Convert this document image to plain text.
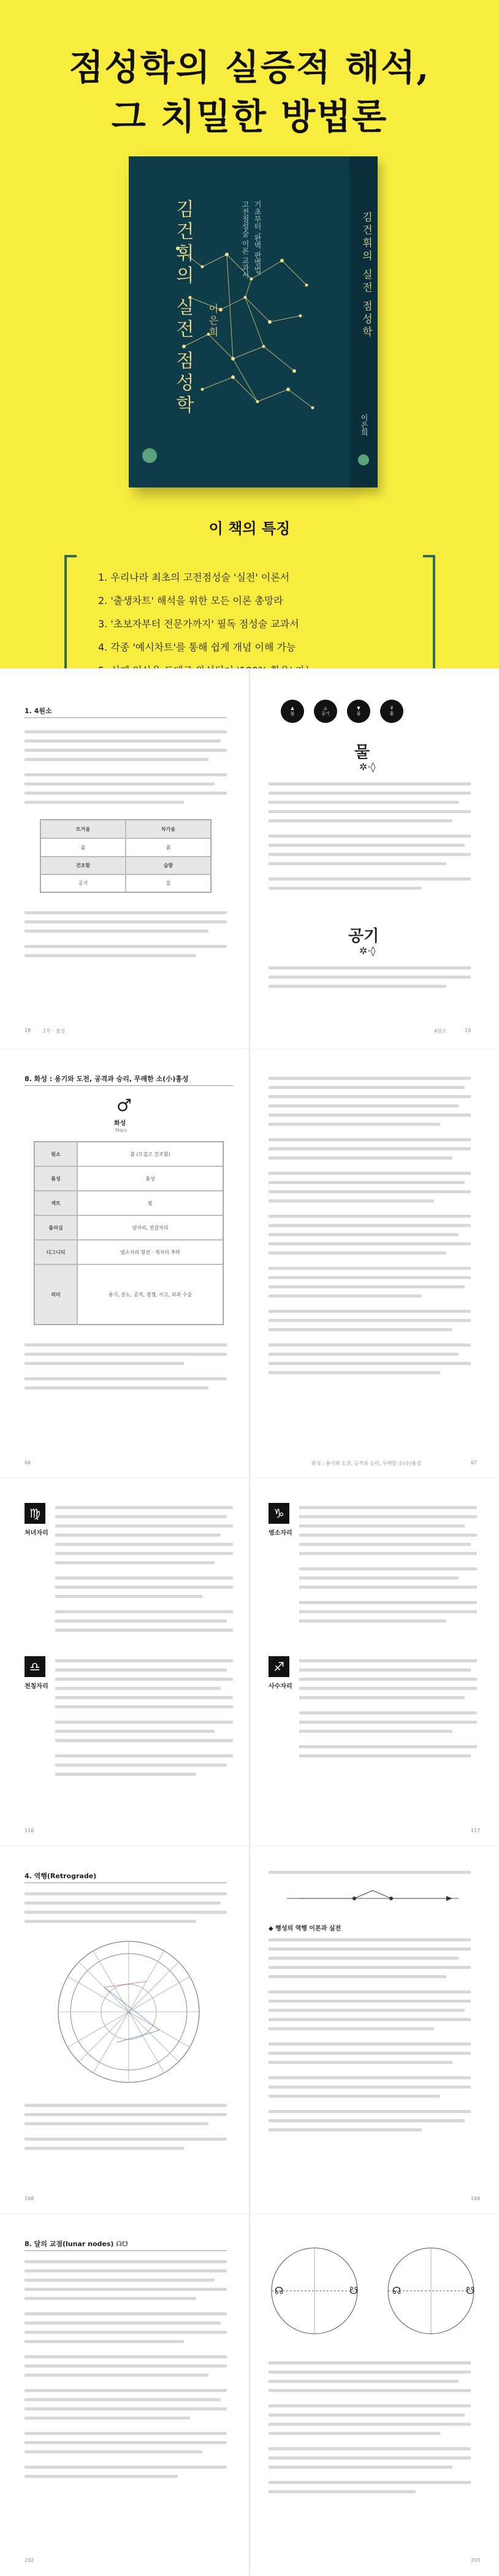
점성학의 실증적 해석,
그 치밀한 방법론
김건휘의 실전 점성학	기초부터 '완벽 판별법'
고전점성술 이론 교과서
이은희	김건휘의 실전 점성학
이은희
이 책의 특징
1. 우리나라 최초의 고전점성술 '실전' 이론서
2. '출생차트' 해석을 위한 모든 이론 총망라
3. '초보자부터 전문가까지' 필독 점성술 교과서
4. 각종 '예시차트'를 통해 쉽게 개념 이해 가능
1. 4원소
뜨거움	차가움
불	흙
건조함	습함
공기	물
18 1부 · 점성
▲
불
◬
공기
▼
물
⊽
흙
물
✲·◊
공기
✲·◊
19
4원소
8. 화성 : 용기와 도전, 공격과 승리, 무례한 소(小)흉성
♂
화성
Mars
원소	불 (뜨겁고 건조함)
품성	흉성
섹트	밤
룰러십	양자리, 전갈자리
디그니티	염소자리 항진 · 게자리 추락
의미	용기, 분노, 공격, 경쟁, 사고, 외과 수술
66	화성 : 용기와 도전, 공격과 승리, 무례한 소(小)흉성	67
♍
처녀자리
♎
천칭자리
116
♑
염소자리
♐
사수자리
117
4. 역행(Retrograde)
168
◆ 행성의 역행 이론과 실전
169
8. 달의 교점(lunar nodes) ☊☋
202
☊	☋	☊	☋
203
